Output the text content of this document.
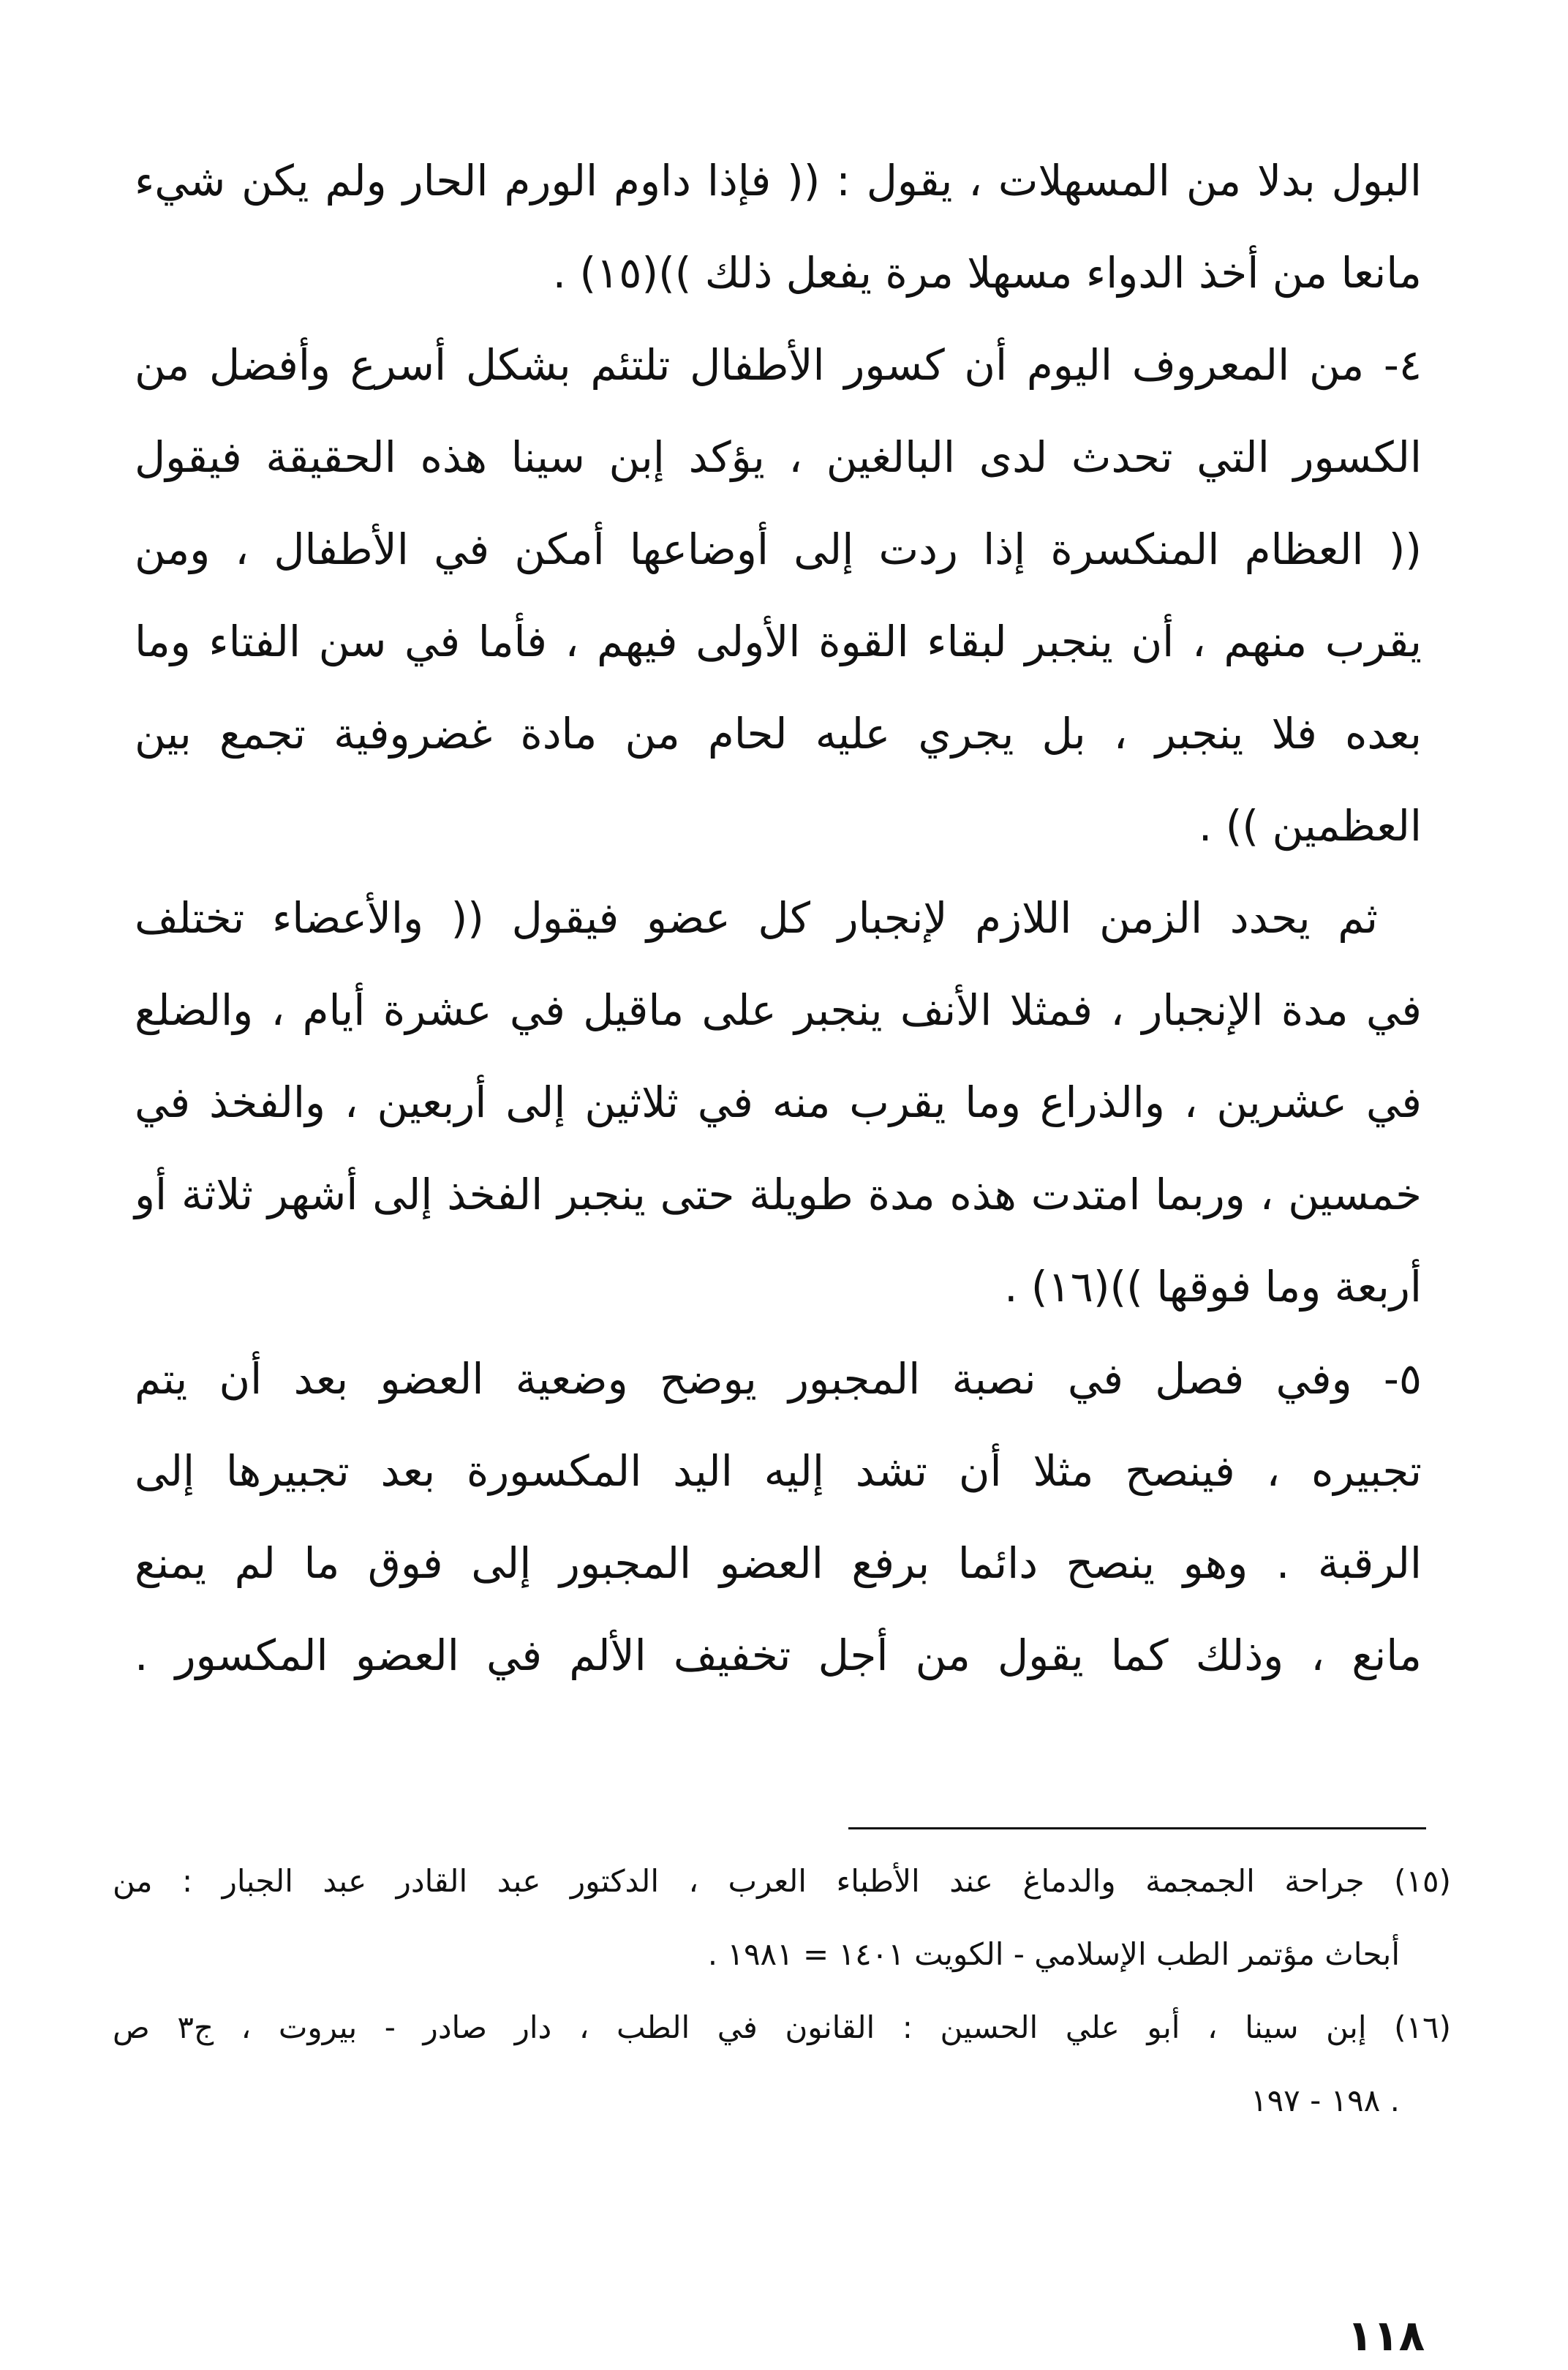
البول بدلا من المسهلات ، يقول : (( فإذا داوم الورم الحار ولم يكن شيء

مانعا من أخذ الدواء مسهلا مرة يفعل ذلك ))(١٥) .

٤- من المعروف اليوم أن كسور الأطفال تلتئم بشكل أسرع وأفضل من

الكسور التي تحدث لدى البالغين ، يؤكد إبن سينا هذه الحقيقة فيقول

(( العظام المنكسرة إذا ردت إلى أوضاعها أمكن في الأطفال ، ومن

يقرب منهم ، أن ينجبر لبقاء القوة الأولى فيهم ، فأما في سن الفتاء وما

بعده فلا ينجبر ، بل يجري عليه لحام من مادة غضروفية تجمع بين

العظمين )) .

ثم يحدد الزمن اللازم لإنجبار كل عضو فيقول (( والأعضاء تختلف

في مدة الإنجبار ، فمثلا الأنف ينجبر على ماقيل في عشرة أيام ، والضلع

في عشرين ، والذراع وما يقرب منه في ثلاثين إلى أربعين ، والفخذ في

خمسين ، وربما امتدت هذه مدة طويلة حتى ينجبر الفخذ إلى أشهر ثلاثة أو

أربعة وما فوقها ))(١٦) .

٥- وفي فصل في نصبة المجبور يوضح وضعية العضو بعد أن يتم

تجبيره ، فينصح مثلا أن تشد إليه اليد المكسورة بعد تجبيرها إلى

الرقبة . وهو ينصح دائما برفع العضو المجبور إلى فوق ما لم يمنع

مانع ، وذلك كما يقول من أجل تخفيف الألم في العضو المكسور .

(١٥) جراحة الجمجمة والدماغ عند الأطباء العرب ، الدكتور عبد القادر عبد الجبار : من
أبحاث مؤتمر الطب الإسلامي - الكويت ١٤٠١ = ١٩٨١ .
(١٦) إبن سينا ، أبو علي الحسين : القانون في الطب ، دار صادر - بيروت ، ج٣ ص
. ١٩٨ - ١٩٧
١١٨
